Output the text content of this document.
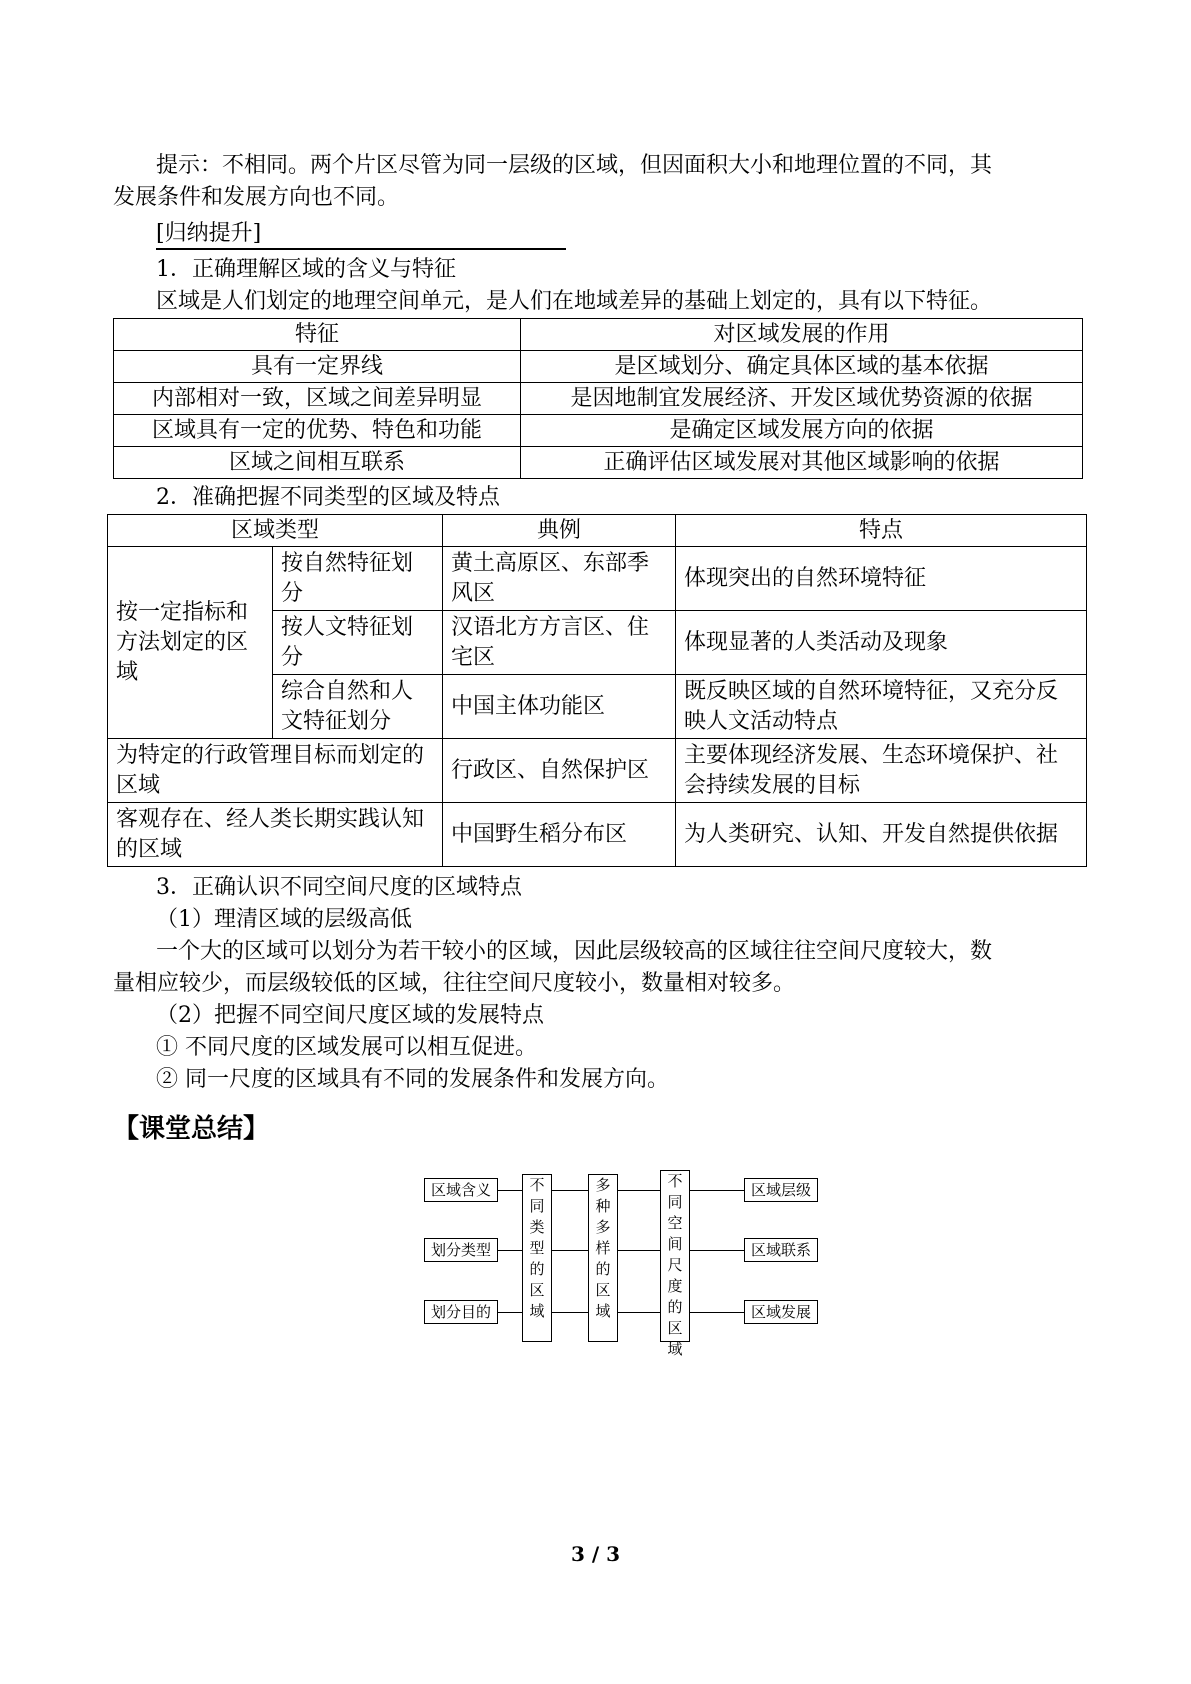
提示：不相同。两个片区尽管为同一层级的区域，但因面积大小和地理位置的不同，其
发展条件和发展方向也不同。
[归纳提升]
1．正确理解区域的含义与特征
区域是人们划定的地理空间单元，是人们在地域差异的基础上划定的，具有以下特征。
特征	对区域发展的作用
具有一定界线	是区域划分、确定具体区域的基本依据
内部相对一致，区域之间差异明显	是因地制宜发展经济、开发区域优势资源的依据
区域具有一定的优势、特色和功能	是确定区域发展方向的依据
区域之间相互联系	正确评估区域发展对其他区域影响的依据
2．准确把握不同类型的区域及特点
区域类型		典例	特点
按一定指标和方法划定的区域	按自然特征划分	黄土高原区、东部季风区	体现突出的自然环境特征
	按人文特征划分	汉语北方方言区、住宅区	体现显著的人类活动及现象
	综合自然和人文特征划分	中国主体功能区	既反映区域的自然环境特征，又充分反映人文活动特点
为特定的行政管理目标而划定的区域		行政区、自然保护区	主要体现经济发展、生态环境保护、社会持续发展的目标
客观存在、经人类长期实践认知的区域		中国野生稻分布区	为人类研究、认知、开发自然提供依据
3．正确认识不同空间尺度的区域特点
（1）理清区域的层级高低
一个大的区域可以划分为若干较小的区域，因此层级较高的区域往往空间尺度较大，数
量相应较少，而层级较低的区域，往往空间尺度较小，数量相对较多。
（2）把握不同空间尺度区域的发展特点
① 不同尺度的区域发展可以相互促进。
② 同一尺度的区域具有不同的发展条件和发展方向。
【课堂总结】
区域含义
划分类型
划分目的
不同类型的区域
多种多样的区域
不同空间尺度的区域
区域层级
区域联系
区域发展
3 / 3
